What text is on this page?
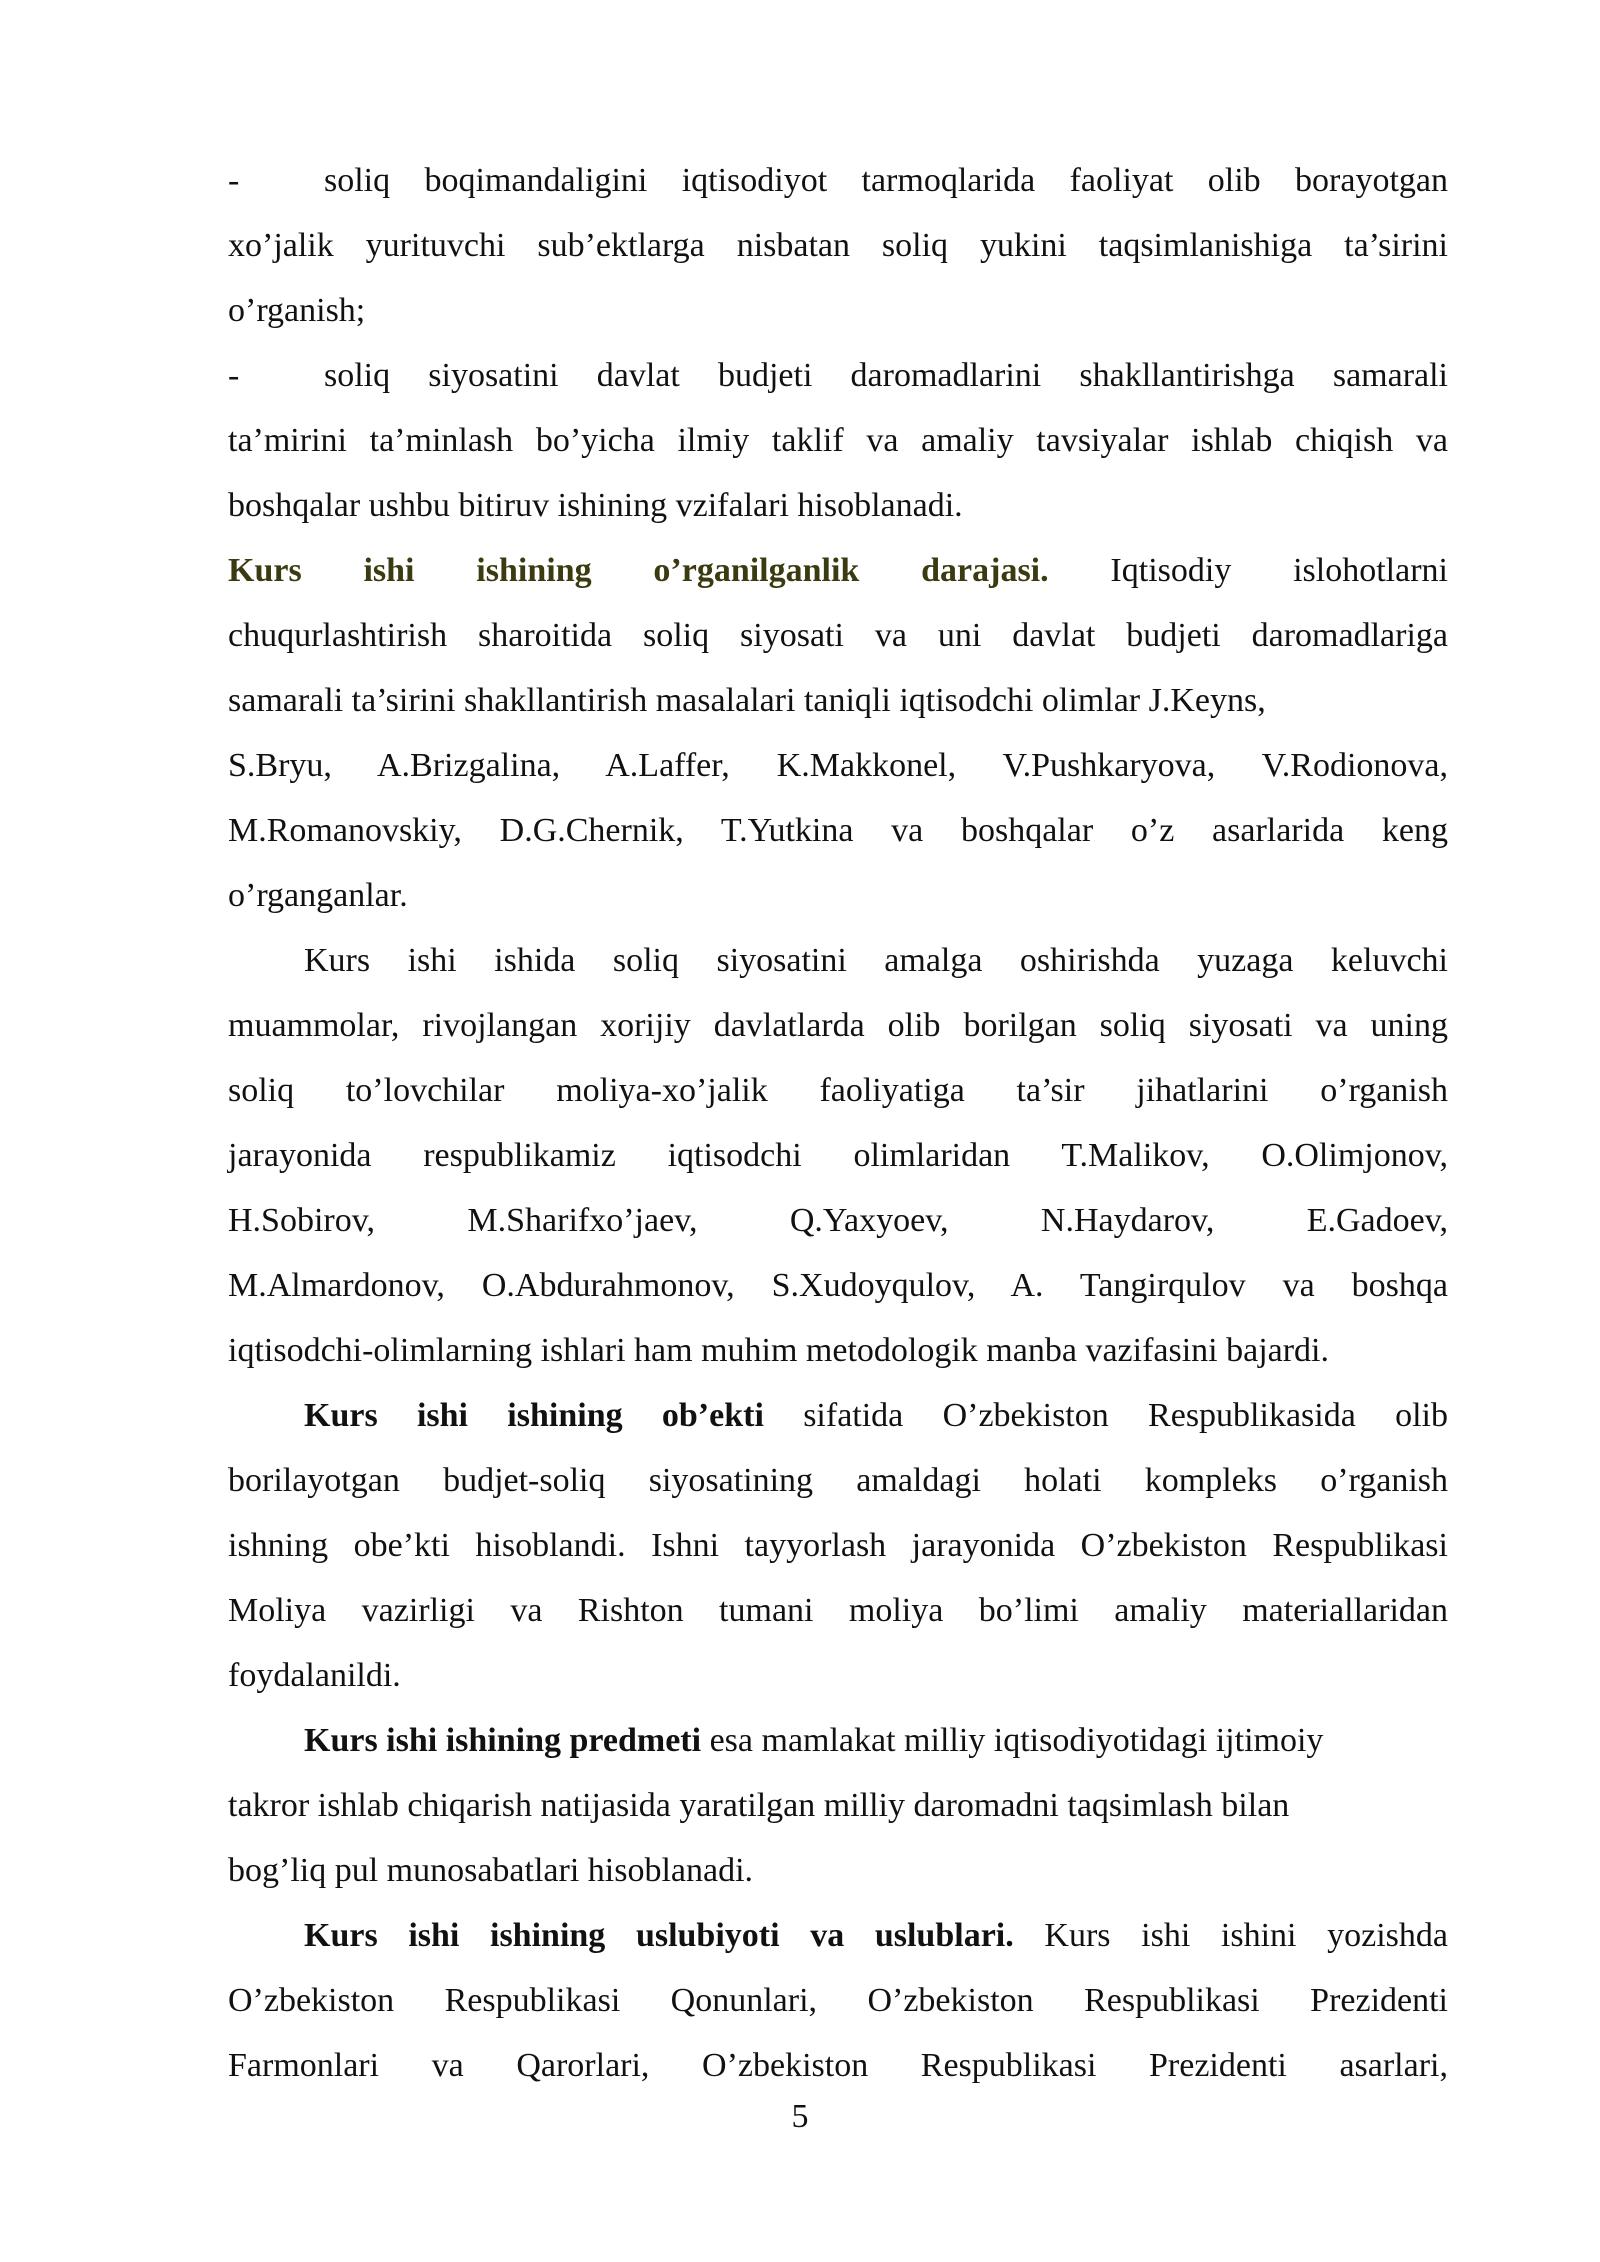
-	soliq boqimandaligini iqtisodiyot tarmoqlarida faoliyat olib borayotgan
xo’jalik yurituvchi sub’ektlarga nisbatan soliq yukini taqsimlanishiga ta’sirini
o’rganish;
-	soliq siyosatini davlat budjeti daromadlarini shakllantirishga samarali
ta’mirini ta’minlash bo’yicha ilmiy taklif va amaliy tavsiyalar ishlab chiqish va
boshqalar ushbu bitiruv ishining vzifalari hisoblanadi.
Kurs ishi ishining o’rganilganlik darajasi. Iqtisodiy islohotlarni
chuqurlashtirish sharoitida soliq siyosati va uni davlat budjeti daromadlariga
samarali ta’sirini shakllantirish masalalari taniqli iqtisodchi olimlar J.Keyns,
S.Bryu, A.Brizgalina, A.Laffer, K.Makkonel, V.Pushkaryova, V.Rodionova,
M.Romanovskiy, D.G.Chernik, T.Yutkina va boshqalar o’z asarlarida keng
o’rganganlar.
Kurs ishi ishida soliq siyosatini amalga oshirishda yuzaga keluvchi
muammolar, rivojlangan xorijiy davlatlarda olib borilgan soliq siyosati va uning
soliq to’lovchilar moliya-xo’jalik faoliyatiga ta’sir jihatlarini o’rganish
jarayonida respublikamiz iqtisodchi olimlaridan T.Malikov, O.Olimjonov,
H.Sobirov, M.Sharifxo’jaev, Q.Yaxyoev, N.Haydarov, E.Gadoev,
M.Almardonov, O.Abdurahmonov, S.Xudoyqulov, A. Tangirqulov va boshqa
iqtisodchi-olimlarning ishlari ham muhim metodologik manba vazifasini bajardi.
Kurs ishi ishining ob’ekti sifatida O’zbekiston Respublikasida olib
borilayotgan budjet-soliq siyosatining amaldagi holati kompleks o’rganish
ishning obe’kti hisoblandi. Ishni tayyorlash jarayonida O’zbekiston Respublikasi
Moliya vazirligi va Rishton tumani moliya bo’limi amaliy materiallaridan
foydalanildi.
Kurs ishi ishining predmeti esa mamlakat milliy iqtisodiyotidagi ijtimoiy
takror ishlab chiqarish natijasida yaratilgan milliy daromadni taqsimlash bilan
bog’liq pul munosabatlari hisoblanadi.
Kurs ishi ishining uslubiyoti va uslublari. Kurs ishi ishini yozishda
O’zbekiston Respublikasi Qonunlari, O’zbekiston Respublikasi Prezidenti
Farmonlari va Qarorlari, O’zbekiston Respublikasi Prezidenti asarlari,
5
